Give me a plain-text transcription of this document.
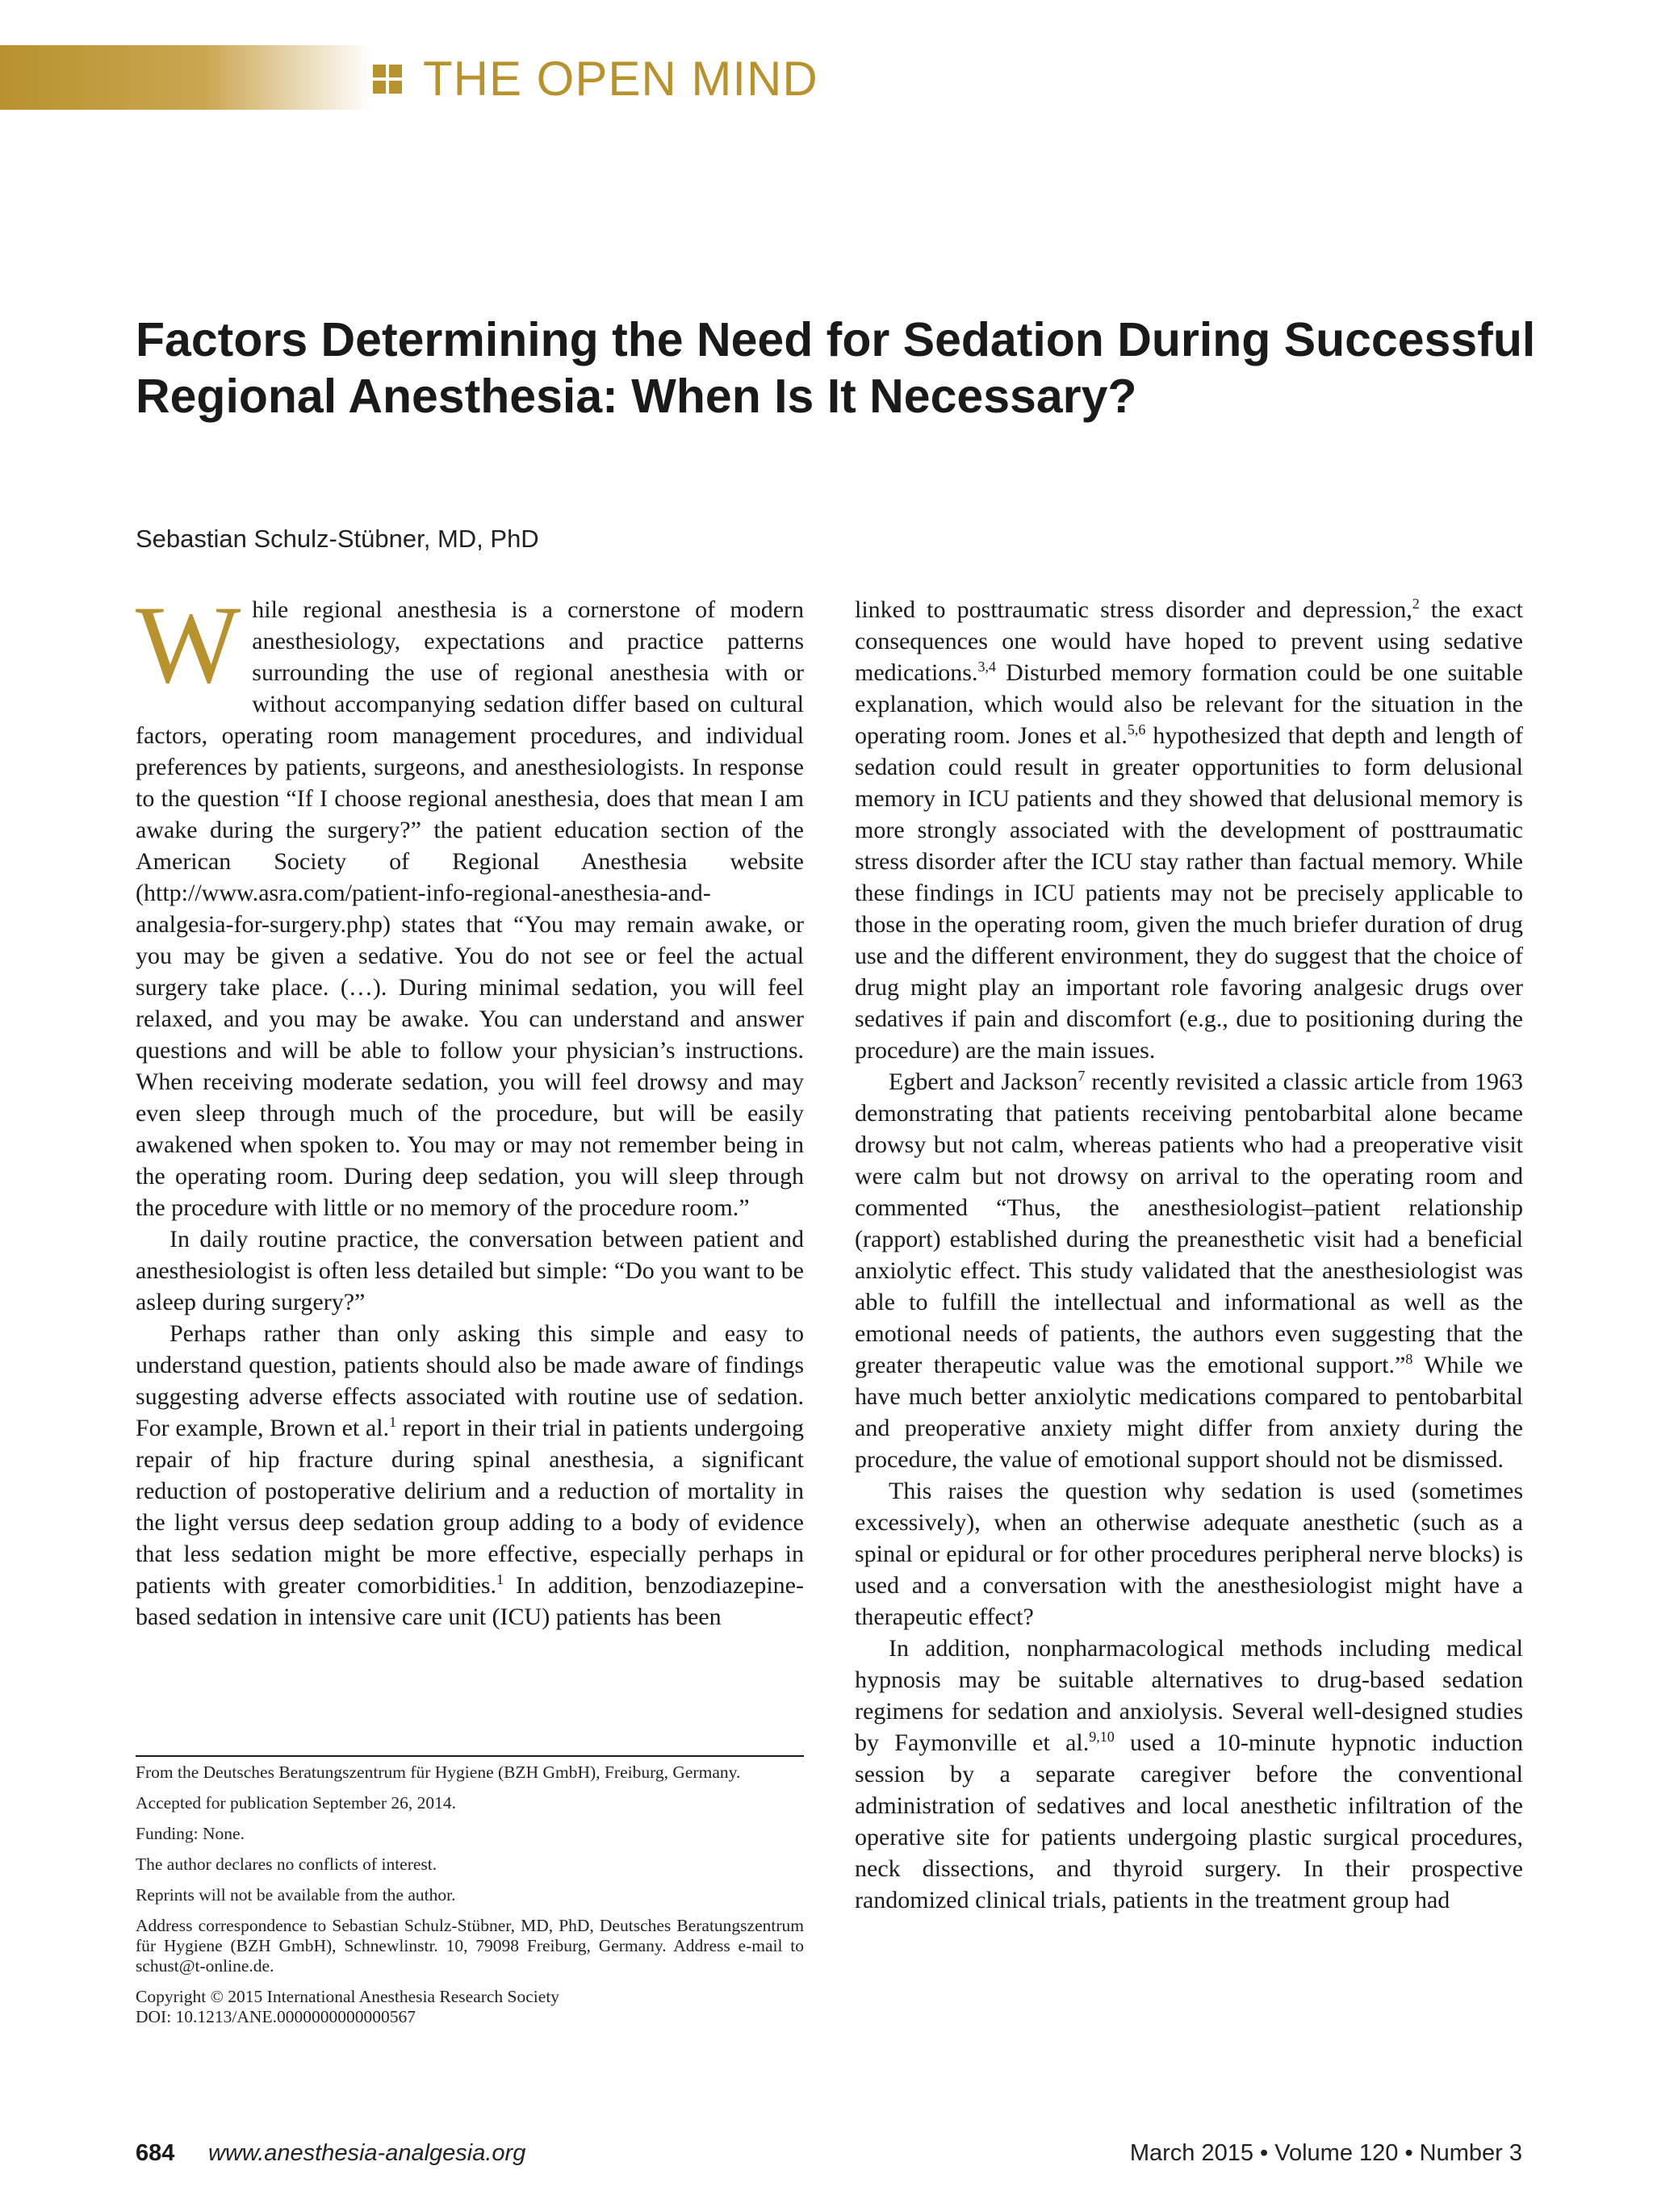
THE OPEN MIND
Factors Determining the Need for Sedation During Successful Regional Anesthesia: When Is It Necessary?
Sebastian Schulz-Stübner, MD, PhD

While regional anesthesia is a cornerstone of modern anesthesiology, expectations and practice patterns surrounding the use of regional anesthesia with or without accompanying sedation differ based on cultural factors, operating room management procedures, and individual preferences by patients, surgeons, and anesthesiologists. In response to the question “If I choose regional anesthesia, does that mean I am awake during the surgery?” the patient education section of the American Society of Regional Anesthesia website (http://www.asra.com/patient-info-regional-anesthesia-and-analgesia-for-surgery.php) states that “You may remain awake, or you may be given a sedative. You do not see or feel the actual surgery take place. (…). During minimal sedation, you will feel relaxed, and you may be awake. You can understand and answer questions and will be able to follow your physician’s instructions. When receiving moderate sedation, you will feel drowsy and may even sleep through much of the procedure, but will be easily awakened when spoken to. You may or may not remember being in the operating room. During deep sedation, you will sleep through the procedure with little or no memory of the procedure room.”

In daily routine practice, the conversation between patient and anesthesiologist is often less detailed but simple: “Do you want to be asleep during surgery?”

Perhaps rather than only asking this simple and easy to understand question, patients should also be made aware of findings suggesting adverse effects associated with routine use of sedation. For example, Brown et al.$^1$ report in their trial in patients undergoing repair of hip fracture during spinal anesthesia, a significant reduction of postoperative delirium and a reduction of mortality in the light versus deep sedation group adding to a body of evidence that less sedation might be more effective, especially perhaps in patients with greater comorbidities.$^1$ In addition, benzodiazepine-based sedation in intensive care unit (ICU) patients has been

linked to posttraumatic stress disorder and depression,$^2$ the exact consequences one would have hoped to prevent using sedative medications.$^{3,4}$ Disturbed memory formation could be one suitable explanation, which would also be relevant for the situation in the operating room. Jones et al.$^{5,6}$ hypothesized that depth and length of sedation could result in greater opportunities to form delusional memory in ICU patients and they showed that delusional memory is more strongly associated with the development of posttraumatic stress disorder after the ICU stay rather than factual memory. While these findings in ICU patients may not be precisely applicable to those in the operating room, given the much briefer duration of drug use and the different environment, they do suggest that the choice of drug might play an important role favoring analgesic drugs over sedatives if pain and discomfort (e.g., due to positioning during the procedure) are the main issues.

Egbert and Jackson$^7$ recently revisited a classic article from 1963 demonstrating that patients receiving pentobarbital alone became drowsy but not calm, whereas patients who had a preoperative visit were calm but not drowsy on arrival to the operating room and commented “Thus, the anesthesiologist–patient relationship (rapport) established during the preanesthetic visit had a beneficial anxiolytic effect. This study validated that the anesthesiologist was able to fulfill the intellectual and informational as well as the emotional needs of patients, the authors even suggesting that the greater therapeutic value was the emotional support.”$^8$ While we have much better anxiolytic medications compared to pentobarbital and preoperative anxiety might differ from anxiety during the procedure, the value of emotional support should not be dismissed.

This raises the question why sedation is used (sometimes excessively), when an otherwise adequate anesthetic (such as a spinal or epidural or for other procedures peripheral nerve blocks) is used and a conversation with the anesthesiologist might have a therapeutic effect?

In addition, nonpharmacological methods including medical hypnosis may be suitable alternatives to drug-based sedation regimens for sedation and anxiolysis. Several well-designed studies by Faymonville et al.$^{9,10}$ used a 10-minute hypnotic induction session by a separate caregiver before the conventional administration of sedatives and local anesthetic infiltration of the operative site for patients undergoing plastic surgical procedures, neck dissections, and thyroid surgery. In their prospective randomized clinical trials, patients in the treatment group had

From the Deutsches Beratungszentrum für Hygiene (BZH GmbH), Freiburg, Germany.

Accepted for publication September 26, 2014.

Funding: None.

The author declares no conflicts of interest.

Reprints will not be available from the author.

Address correspondence to Sebastian Schulz-Stübner, MD, PhD, Deutsches Beratungszentrum für Hygiene (BZH GmbH), Schnewlinstr. 10, 79098 Freiburg, Germany. Address e-mail to schust@t-online.de.

Copyright © 2015 International Anesthesia Research Society

DOI: 10.1213/ANE.0000000000000567

684 www.anesthesia-analgesia.org	March 2015 • Volume 120 • Number 3
